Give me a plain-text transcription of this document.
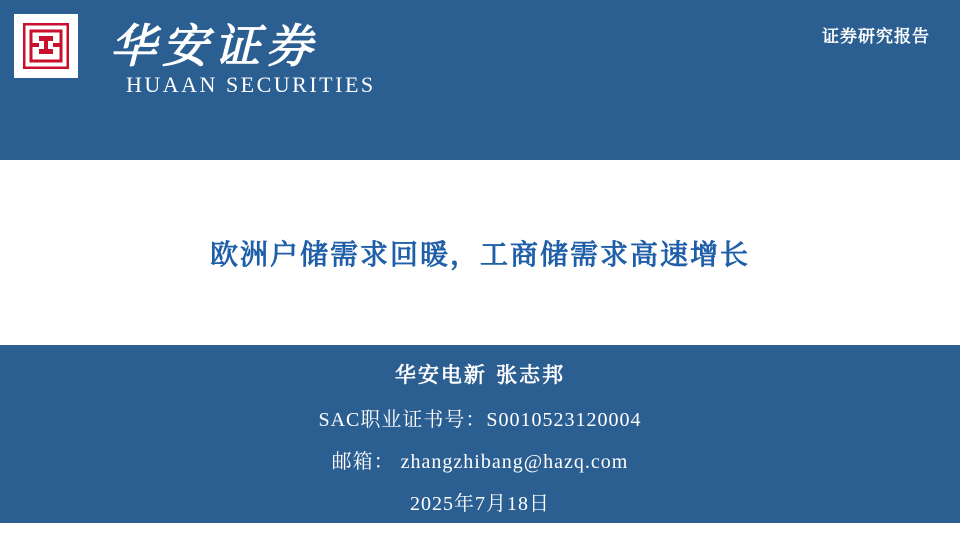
华安证券
HUAAN SECURITIES
证券研究报告
欧洲户储需求回暖，工商储需求高速增长
华安电新 张志邦
SAC职业证书号：S0010523120004
邮箱： zhangzhibang@hazq.com
2025年7月18日
